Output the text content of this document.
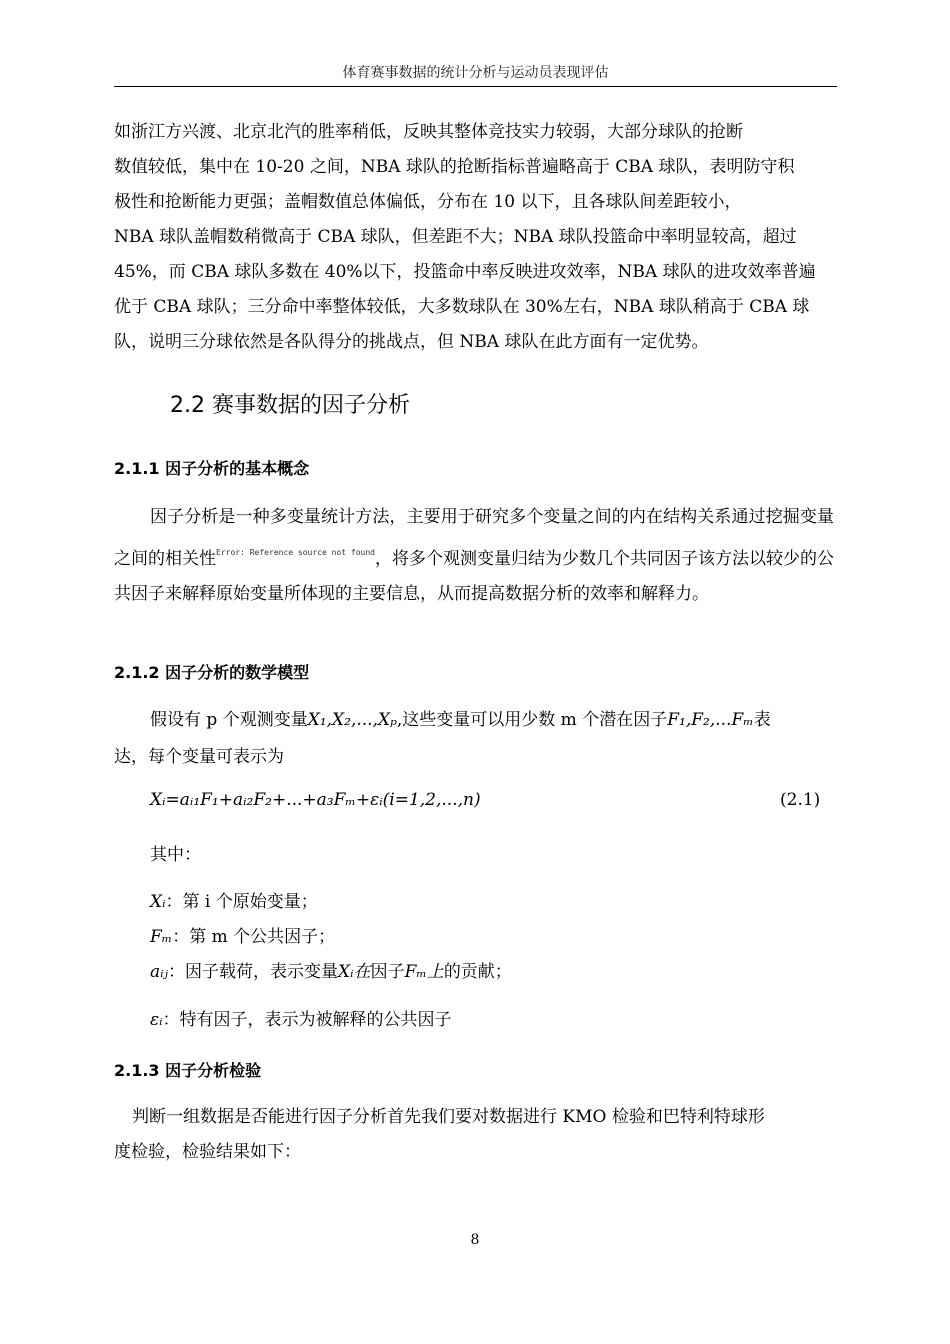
体育赛事数据的统计分析与运动员表现评估
如浙江方兴渡、北京北汽的胜率稍低，反映其整体竞技实力较弱，大部分球队的抢断
数值较低，集中在 10-20 之间，NBA 球队的抢断指标普遍略高于 CBA 球队，表明防守积
极性和抢断能力更强；盖帽数值总体偏低，分布在 10 以下，且各球队间差距较小，
NBA 球队盖帽数稍微高于 CBA 球队，但差距不大；NBA 球队投篮命中率明显较高，超过
45%，而 CBA 球队多数在 40%以下，投篮命中率反映进攻效率，NBA 球队的进攻效率普遍
优于 CBA 球队；三分命中率整体较低，大多数球队在 30%左右，NBA 球队稍高于 CBA 球
队，说明三分球依然是各队得分的挑战点，但 NBA 球队在此方面有一定优势。
2.2 赛事数据的因子分析
2.1.1 因子分析的基本概念

因子分析是一种多变量统计方法，主要用于研究多个变量之间的内在结构关系通过挖掘变量之间的相关性$^{Error: Reference source not found}$，将多个观测变量归结为少数几个共同因子该方法以较少的公共因子来解释原始变量所体现的主要信息，从而提高数据分析的效率和解释力。

2.1.2 因子分析的数学模型
假设有 p 个观测变量X₁,X₂,...,Xₚ,这些变量可以用少数 m 个潜在因子F₁,F₂,...Fₘ表
达，每个变量可表示为
Xᵢ=aᵢ₁F₁+aᵢ₂F₂+...+a₃Fₘ+εᵢ(i=1,2,...,n)	(2.1)
其中：
Xᵢ：第 i 个原始变量；
Fₘ：第 m 个公共因子；
aᵢⱼ：因子载荷，表示变量Xᵢ在因子Fₘ上的贡献；
εᵢ：特有因子，表示为被解释的公共因子
2.1.3 因子分析检验
判断一组数据是否能进行因子分析首先我们要对数据进行 KMO 检验和巴特利特球形
度检验，检验结果如下：
8
